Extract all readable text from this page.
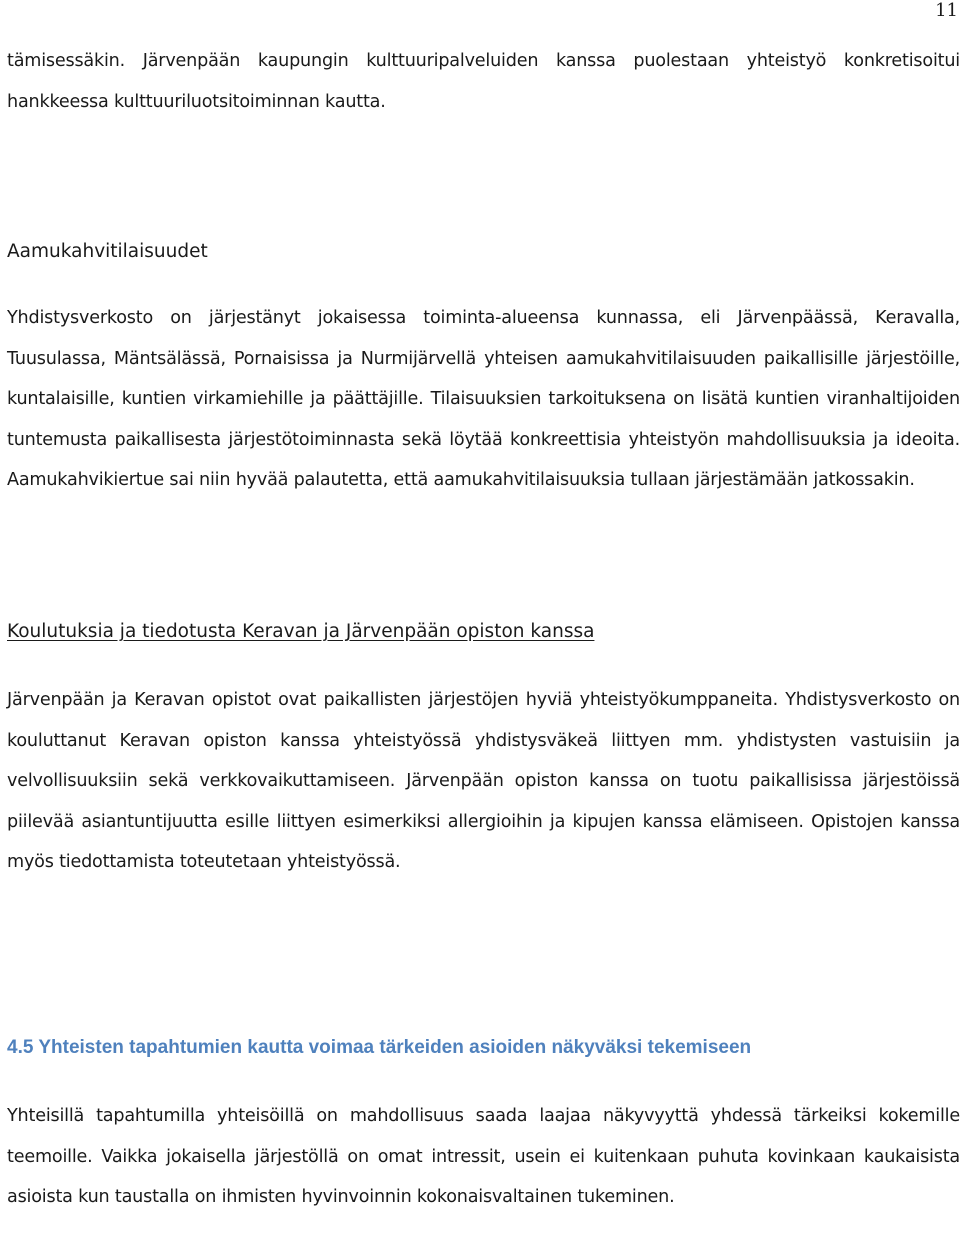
11

tämisessäkin. Järvenpään kaupungin kulttuuripalveluiden kanssa puolestaan yhteistyö konkretisoitui hankkeessa kulttuuriluotsitoiminnan kautta.

Aamukahvitilaisuudet

Yhdistysverkosto on järjestänyt jokaisessa toiminta-alueensa kunnassa, eli Järvenpäässä, Keravalla, Tuusulassa, Mäntsälässä, Pornaisissa ja Nurmijärvellä yhteisen aamukahvitilaisuuden paikallisille järjestöille, kuntalaisille, kuntien virkamiehille ja päättäjille. Tilaisuuksien tarkoituksena on lisätä kuntien viranhaltijoiden tuntemusta paikallisesta järjestötoiminnasta sekä löytää konkreettisia yhteistyön mahdollisuuksia ja ideoita. Aamukahvikiertue sai niin hyvää palautetta, että aamukahvitilaisuuksia tullaan järjestämään jatkossakin.

Koulutuksia ja tiedotusta Keravan ja Järvenpään opiston kanssa

Järvenpään ja Keravan opistot ovat paikallisten järjestöjen hyviä yhteistyökumppaneita. Yhdistysverkosto on kouluttanut Keravan opiston kanssa yhteistyössä yhdistysväkeä liittyen mm. yhdistysten vastuisiin ja velvollisuuksiin sekä verkkovaikuttamiseen. Järvenpään opiston kanssa on tuotu paikallisissa järjestöissä piilevää asiantuntijuutta esille liittyen esimerkiksi allergioihin ja kipujen kanssa elämiseen. Opistojen kanssa myös tiedottamista toteutetaan yhteistyössä.

4.5 Yhteisten tapahtumien kautta voimaa tärkeiden asioiden näkyväksi tekemiseen

Yhteisillä tapahtumilla yhteisöillä on mahdollisuus saada laajaa näkyvyyttä yhdessä tärkeiksi kokemille teemoille. Vaikka jokaisella järjestöllä on omat intressit, usein ei kuitenkaan puhuta kovinkaan kaukaisista asioista kun taustalla on ihmisten hyvinvoinnin kokonaisvaltainen tukeminen.
